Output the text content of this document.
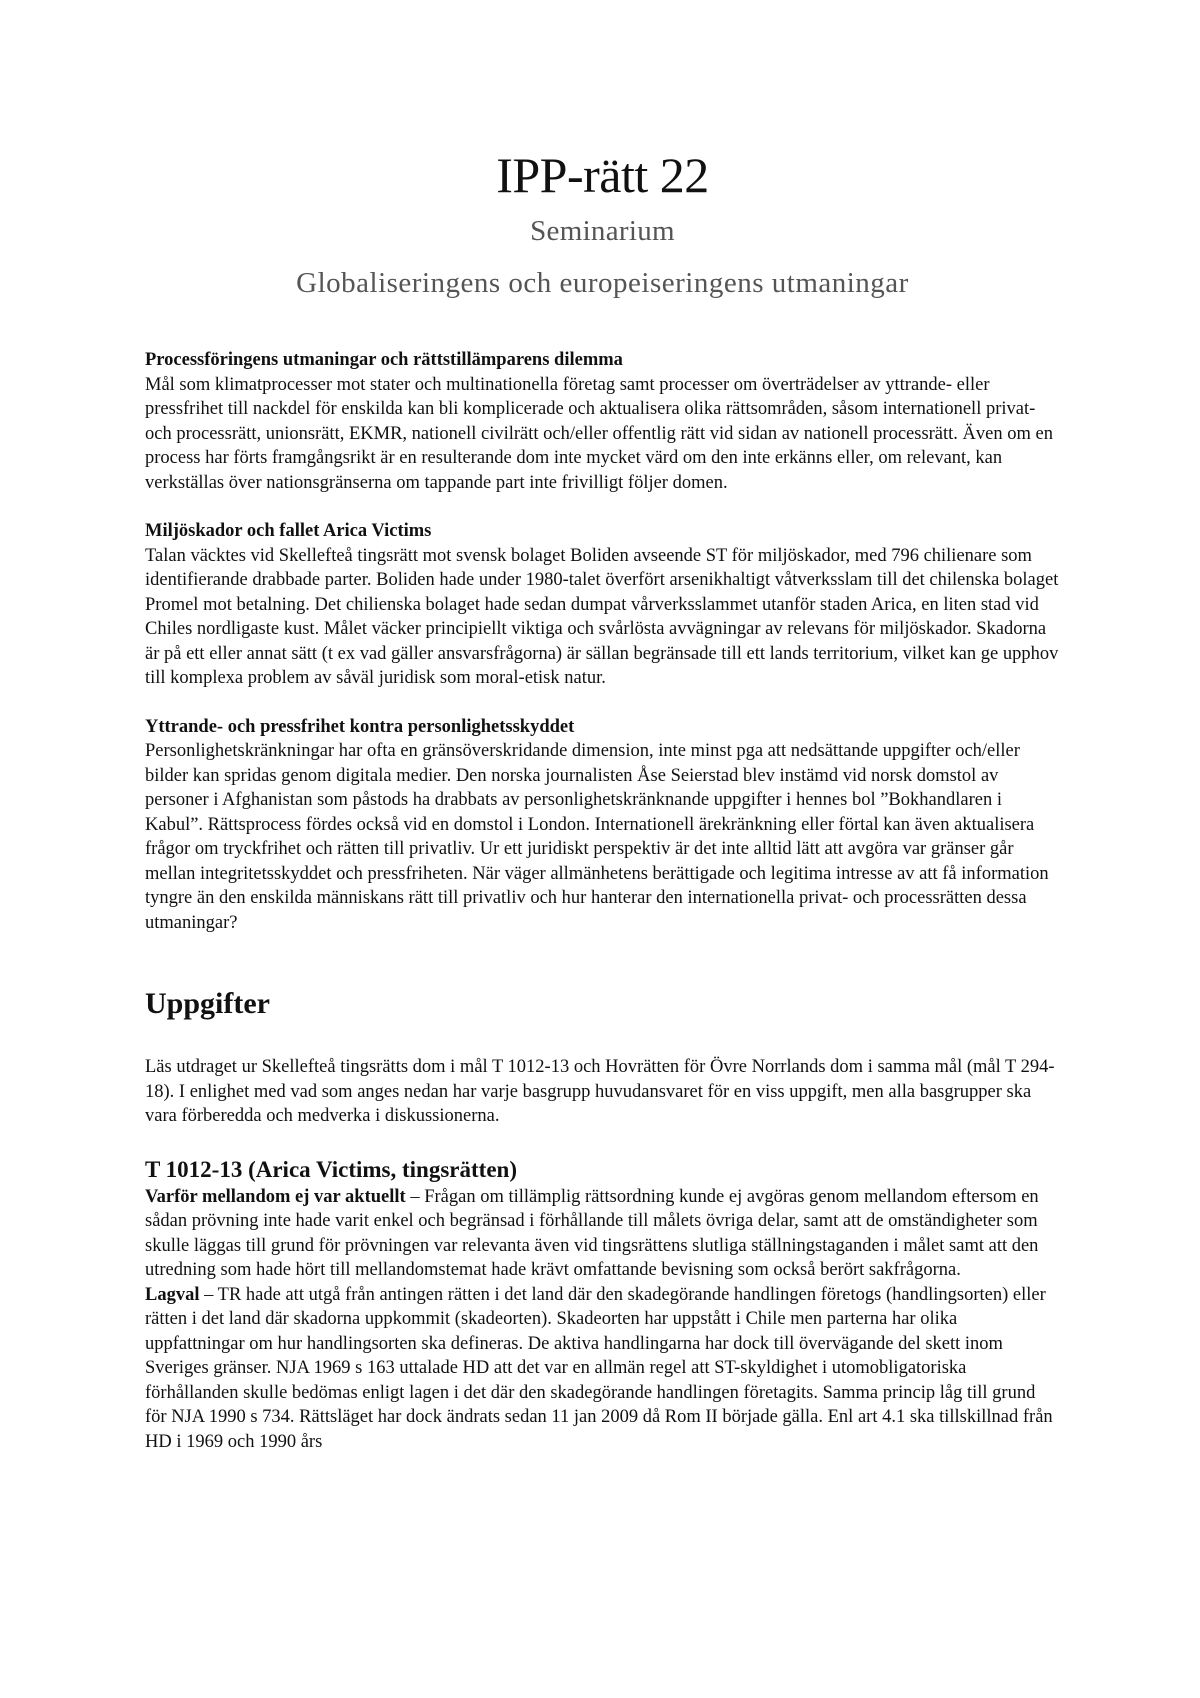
IPP-rätt 22
Seminarium
Globaliseringens och europeiseringens utmaningar

Processföringens utmaningar och rättstillämparens dilemma

Mål som klimatprocesser mot stater och multinationella företag samt processer om överträdelser av yttrande- eller pressfrihet till nackdel för enskilda kan bli komplicerade och aktualisera olika rättsområden, såsom internationell privat- och processrätt, unionsrätt, EKMR, nationell civilrätt och/eller offentlig rätt vid sidan av nationell processrätt. Även om en process har förts framgångsrikt är en resulterande dom inte mycket värd om den inte erkänns eller, om relevant, kan verkställas över nationsgränserna om tappande part inte frivilligt följer domen.

Miljöskador och fallet Arica Victims

Talan väcktes vid Skellefteå tingsrätt mot svensk bolaget Boliden avseende ST för miljöskador, med 796 chilienare som identifierande drabbade parter. Boliden hade under 1980-talet överfört arsenikhaltigt våtverksslam till det chilenska bolaget Promel mot betalning. Det chilienska bolaget hade sedan dumpat vårverksslammet utanför staden Arica, en liten stad vid Chiles nordligaste kust. Målet väcker principiellt viktiga och svårlösta avvägningar av relevans för miljöskador. Skadorna är på ett eller annat sätt (t ex vad gäller ansvarsfrågorna) är sällan begränsade till ett lands territorium, vilket kan ge upphov till komplexa problem av såväl juridisk som moral-etisk natur.

Yttrande- och pressfrihet kontra personlighetsskyddet

Personlighetskränkningar har ofta en gränsöverskridande dimension, inte minst pga att nedsättande uppgifter och/eller bilder kan spridas genom digitala medier. Den norska journalisten Åse Seierstad blev instämd vid norsk domstol av personer i Afghanistan som påstods ha drabbats av personlighetskränknande uppgifter i hennes bol ”Bokhandlaren i Kabul”. Rättsprocess fördes också vid en domstol i London. Internationell ärekränkning eller förtal kan även aktualisera frågor om tryckfrihet och rätten till privatliv. Ur ett juridiskt perspektiv är det inte alltid lätt att avgöra var gränser går mellan integritetsskyddet och pressfriheten. När väger allmänhetens berättigade och legitima intresse av att få information tyngre än den enskilda människans rätt till privatliv och hur hanterar den internationella privat- och processrätten dessa utmaningar?

Uppgifter

Läs utdraget ur Skellefteå tingsrätts dom i mål T 1012-13 och Hovrätten för Övre Norrlands dom i samma mål (mål T 294-18). I enlighet med vad som anges nedan har varje basgrupp huvudansvaret för en viss uppgift, men alla basgrupper ska vara förberedda och medverka i diskussionerna.

T 1012-13 (Arica Victims, tingsrätten)

Varför mellandom ej var aktuellt – Frågan om tillämplig rättsordning kunde ej avgöras genom mellandom eftersom en sådan prövning inte hade varit enkel och begränsad i förhållande till målets övriga delar, samt att de omständigheter som skulle läggas till grund för prövningen var relevanta även vid tingsrättens slutliga ställningstaganden i målet samt att den utredning som hade hört till mellandomstemat hade krävt omfattande bevisning som också berört sakfrågorna.

Lagval – TR hade att utgå från antingen rätten i det land där den skadegörande handlingen företogs (handlingsorten) eller rätten i det land där skadorna uppkommit (skadeorten). Skadeorten har uppstått i Chile men parterna har olika uppfattningar om hur handlingsorten ska defineras. De aktiva handlingarna har dock till övervägande del skett inom Sveriges gränser. NJA 1969 s 163 uttalade HD att det var en allmän regel att ST-skyldighet i utomobligatoriska förhållanden skulle bedömas enligt lagen i det där den skadegörande handlingen företagits. Samma princip låg till grund för NJA 1990 s 734. Rättsläget har dock ändrats sedan 11 jan 2009 då Rom II började gälla. Enl art 4.1 ska tillskillnad från HD i 1969 och 1990 års
